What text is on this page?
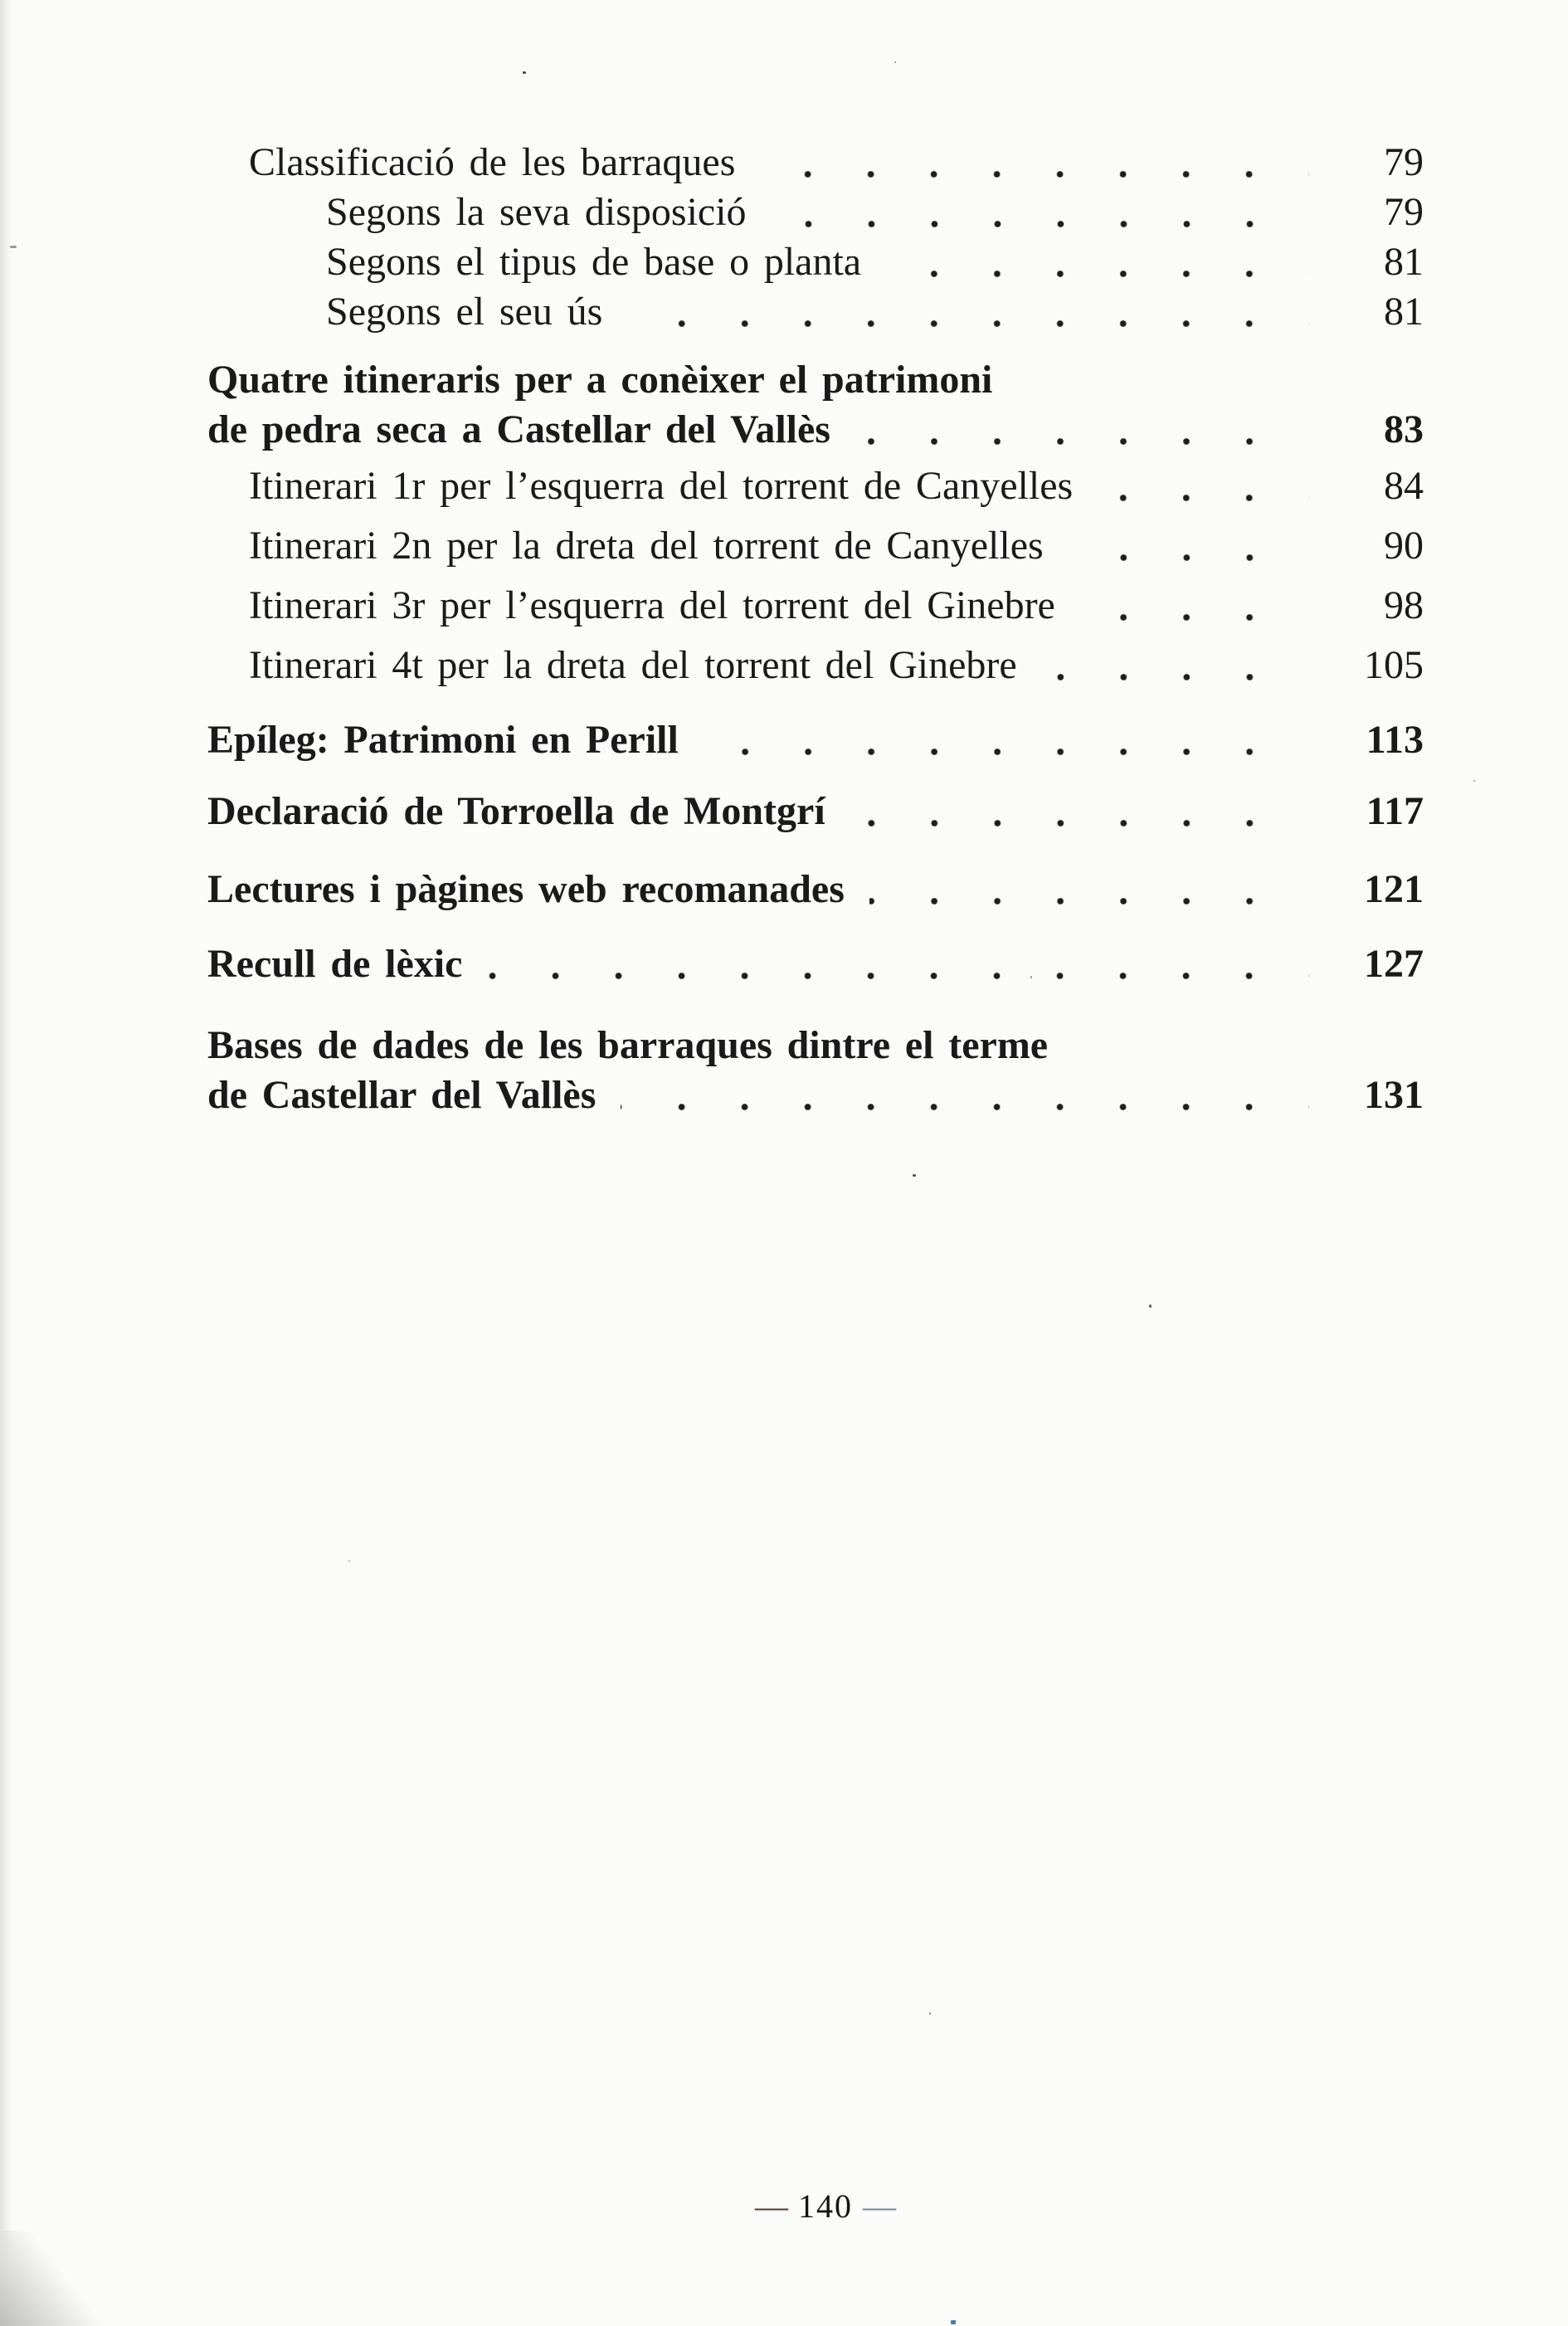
Classificació de les barraques	79
Segons la seva disposició	79
Segons el tipus de base o planta	81
Segons el seu ús	81
Quatre itineraris per a conèixer el patrimoni
de pedra seca a Castellar del Vallès	83
Itinerari 1r per l’esquerra del torrent de Canyelles	84
Itinerari 2n per la dreta del torrent de Canyelles	90
Itinerari 3r per l’esquerra del torrent del Ginebre	98
Itinerari 4t per la dreta del torrent del Ginebre	105
Epíleg: Patrimoni en Perill	113
Declaració de Torroella de Montgrí	117
Lectures i pàgines web recomanades	121
Recull de lèxic	127
Bases de dades de les barraques dintre el terme
de Castellar del Vallès	131
— 140 —
